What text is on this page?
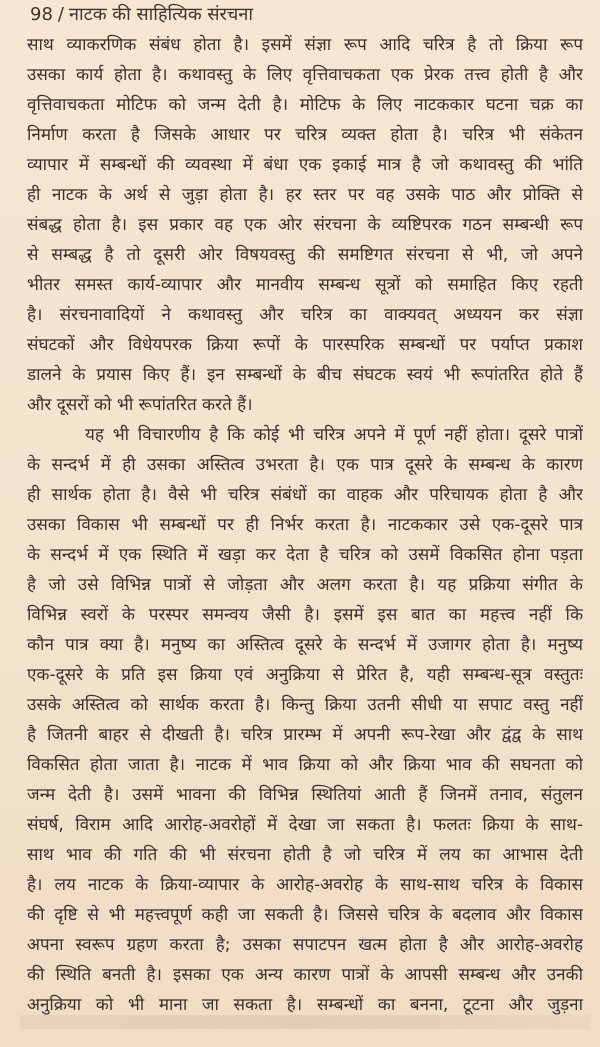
98 / नाटक की साहित्यिक संरचना
साथ व्याकरणिक संबंध होता है। इसमें संज्ञा रूप आदि चरित्र है तो क्रिया रूप
उसका कार्य होता है। कथावस्तु के लिए वृत्तिवाचकता एक प्रेरक तत्त्व होती है और
वृत्तिवाचकता मोटिफ को जन्म देती है। मोटिफ के लिए नाटककार घटना चक्र का
निर्माण करता है जिसके आधार पर चरित्र व्यक्त होता है। चरित्र भी संकेतन
व्यापार में सम्बन्धों की व्यवस्था में बंधा एक इकाई मात्र है जो कथावस्तु की भांति
ही नाटक के अर्थ से जुड़ा होता है। हर स्तर पर वह उसके पाठ और प्रोक्ति से
संबद्ध होता है। इस प्रकार वह एक ओर संरचना के व्यष्टिपरक गठन सम्बन्धी रूप
से सम्बद्ध है तो दूसरी ओर विषयवस्तु की समष्टिगत संरचना से भी, जो अपने
भीतर समस्त कार्य-व्यापार और मानवीय सम्बन्ध सूत्रों को समाहित किए रहती
है। संरचनावादियों ने कथावस्तु और चरित्र का वाक्यवत् अध्ययन कर संज्ञा
संघटकों और विधेयपरक क्रिया रूपों के पारस्परिक सम्बन्धों पर पर्याप्त प्रकाश
डालने के प्रयास किए हैं। इन सम्बन्धों के बीच संघटक स्वयं भी रूपांतरित होते हैं
और दूसरों को भी रूपांतरित करते हैं।
यह भी विचारणीय है कि कोई भी चरित्र अपने में पूर्ण नहीं होता। दूसरे पात्रों
के सन्दर्भ में ही उसका अस्तित्व उभरता है। एक पात्र दूसरे के सम्बन्ध के कारण
ही सार्थक होता है। वैसे भी चरित्र संबंधों का वाहक और परिचायक होता है और
उसका विकास भी सम्बन्धों पर ही निर्भर करता है। नाटककार उसे एक-दूसरे पात्र
के सन्दर्भ में एक स्थिति में खड़ा कर देता है चरित्र को उसमें विकसित होना पड़ता
है जो उसे विभिन्न पात्रों से जोड़ता और अलग करता है। यह प्रक्रिया संगीत के
विभिन्न स्वरों के परस्पर समन्वय जैसी है। इसमें इस बात का महत्त्व नहीं कि
कौन पात्र क्या है। मनुष्य का अस्तित्व दूसरे के सन्दर्भ में उजागर होता है। मनुष्य
एक-दूसरे के प्रति इस क्रिया एवं अनुक्रिया से प्रेरित है, यही सम्बन्ध-सूत्र वस्तुतः
उसके अस्तित्व को सार्थक करता है। किन्तु क्रिया उतनी सीधी या सपाट वस्तु नहीं
है जितनी बाहर से दीखती है। चरित्र प्रारम्भ में अपनी रूप-रेखा और द्वंद्व के साथ
विकसित होता जाता है। नाटक में भाव क्रिया को और क्रिया भाव की सघनता को
जन्म देती है। उसमें भावना की विभिन्न स्थितियां आती हैं जिनमें तनाव, संतुलन
संघर्ष, विराम आदि आरोह-अवरोहों में देखा जा सकता है। फलतः क्रिया के साथ-
साथ भाव की गति की भी संरचना होती है जो चरित्र में लय का आभास देती
है। लय नाटक के क्रिया-व्यापार के आरोह-अवरोह के साथ-साथ चरित्र के विकास
की दृष्टि से भी महत्त्वपूर्ण कही जा सकती है। जिससे चरित्र के बदलाव और विकास
अपना स्वरूप ग्रहण करता है; उसका सपाटपन खत्म होता है और आरोह-अवरोह
की स्थिति बनती है। इसका एक अन्य कारण पात्रों के आपसी सम्बन्ध और उनकी
अनुक्रिया को भी माना जा सकता है। सम्बन्धों का बनना, टूटना और जुड़ना
